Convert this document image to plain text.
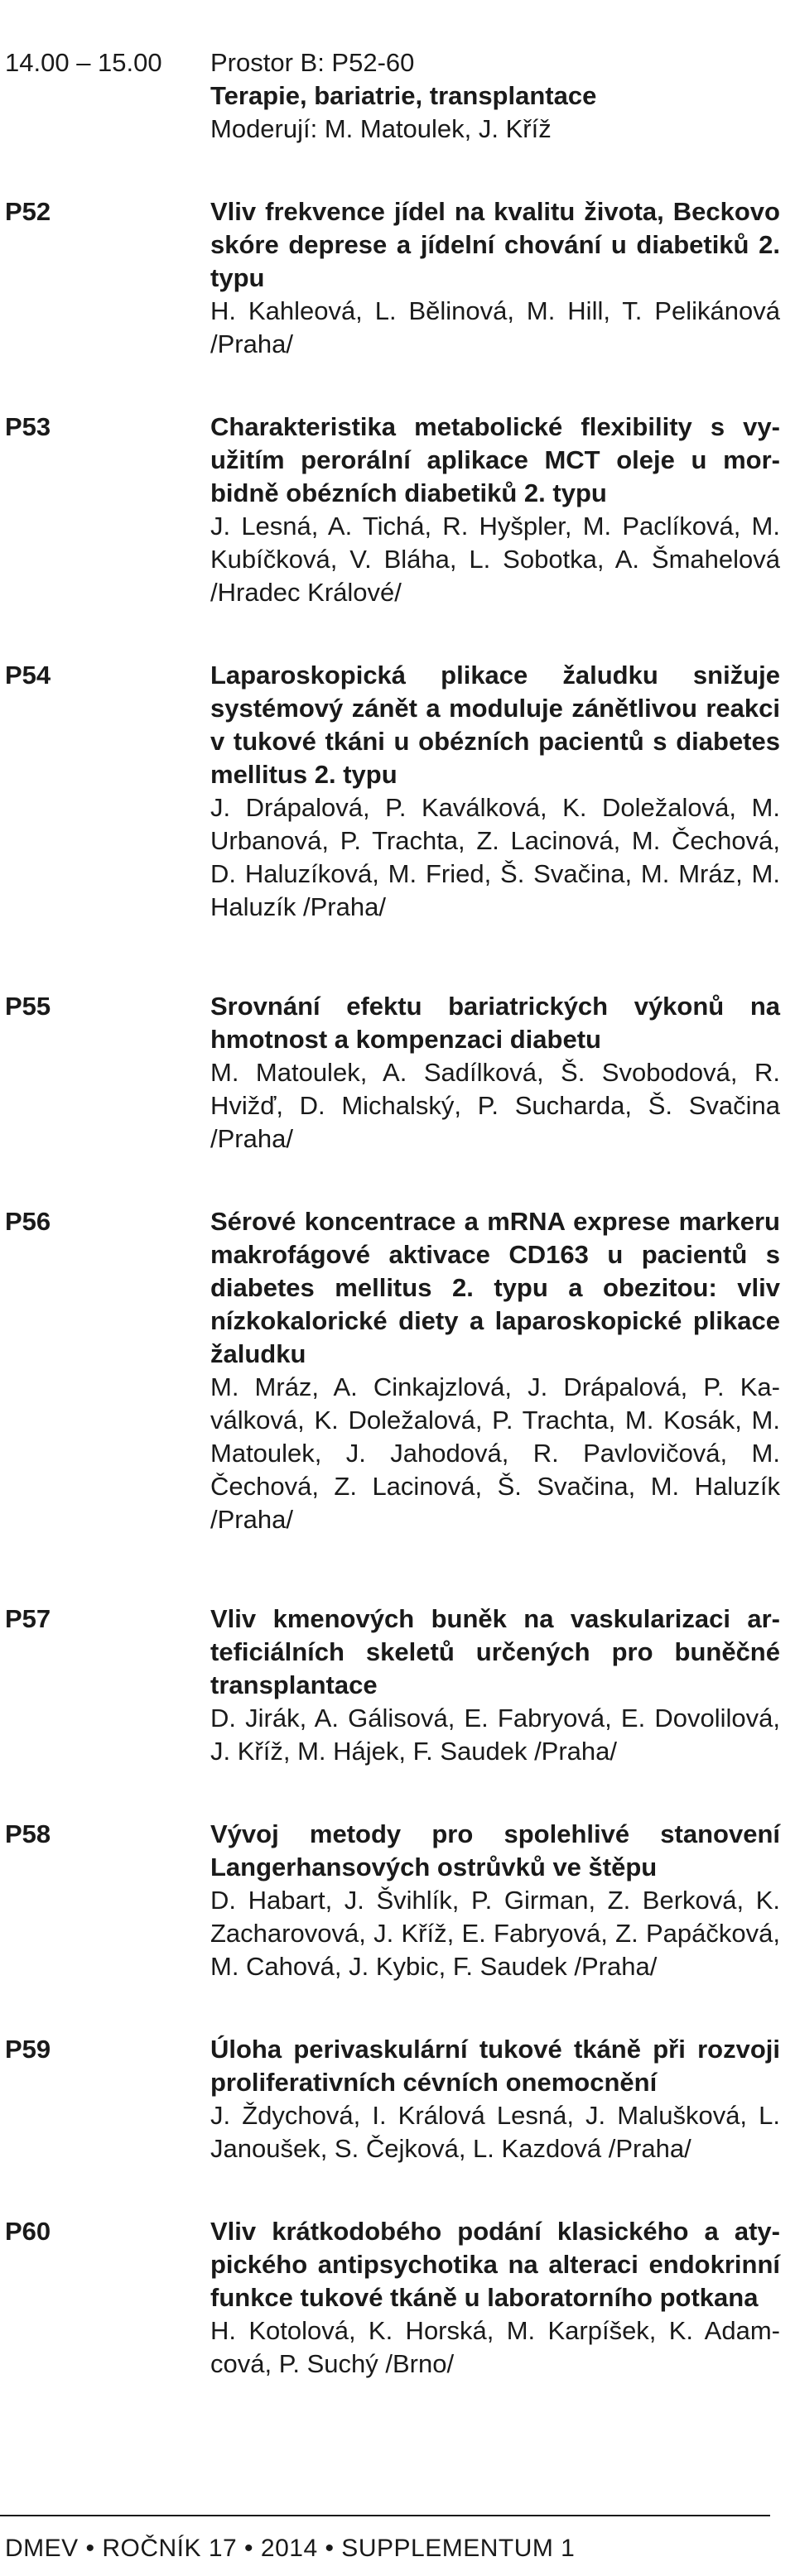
14.00 – 15.00 Prostor B: P52-60
Terapie, bariatrie, transplantace
Moderují: M. Matoulek, J. Kříž
P52	Vliv frekvence jídel na kvalitu života, Beckovo skóre deprese a jídelní chování u diabetiků 2. typu
H. Kahleová, L. Bělinová, M. Hill, T. Pelikánová /Praha/
P53	Charakteristika metabolické flexibility s využitím perorální aplikace MCT oleje u morbidně obézních diabetiků 2. typu
J. Lesná, A. Tichá, R. Hyšpler, M. Paclíková, M. Kubíčková, V. Bláha, L. Sobotka, A. Šmahelová /Hradec Králové/
P54	Laparoskopická plikace žaludku snižuje systémový zánět a moduluje zánětlivou reakci v tukové tkáni u obézních pacientů s diabetes mellitus 2. typu
J. Drápalová, P. Kaválková, K. Doležalová, M. Urbanová, P. Trachta, Z. Lacinová, M. Čechová, D. Haluzíková, M. Fried, Š. Svačina, M. Mráz, M. Haluzík /Praha/
P55	Srovnání efektu bariatrických výkonů na hmotnost a kompenzaci diabetu
M. Matoulek, A. Sadílková, Š. Svobodová, R. Hvižď, D. Michalský, P. Sucharda, Š. Svačina /Praha/
P56	Sérové koncentrace a mRNA exprese markeru makrofágové aktivace CD163 u pacientů s diabetes mellitus 2. typu a obezitou: vliv nízkokalorické diety a laparoskopické plikace žaludku
M. Mráz, A. Cinkajzlová, J. Drápalová, P. Kaválková, K. Doležalová, P. Trachta, M. Kosák, M. Matoulek, J. Jahodová, R. Pavlovičová, M. Čechová, Z. Lacinová, Š. Svačina, M. Haluzík /Praha/
P57	Vliv kmenových buněk na vaskularizaci arteficiálních skeletů určených pro buněčné transplantace
D. Jirák, A. Gálisová, E. Fabryová, E. Dovolilová, J. Kříž, M. Hájek, F. Saudek /Praha/
P58	Vývoj metody pro spolehlivé stanovení Langerhansových ostrůvků ve štěpu
D. Habart, J. Švihlík, P. Girman, Z. Berková, K. Zacharovová, J. Kříž, E. Fabryová, Z. Papáčková, M. Cahová, J. Kybic, F. Saudek /Praha/
P59	Úloha perivaskulární tukové tkáně při rozvoji proliferativních cévních onemocnění
J. Ždychová, I. Králová Lesná, J. Malušková, L. Janoušek, S. Čejková, L. Kazdová /Praha/
P60	Vliv krátkodobého podání klasického a atypického antipsychotika na alteraci endokrinní funkce tukové tkáně u laboratorního potkana
H. Kotolová, K. Horská, M. Karpíšek, K. Adamcová, P. Suchý /Brno/
DMEV • ROČNÍK 17 • 2014 • SUPPLEMENTUM 1
